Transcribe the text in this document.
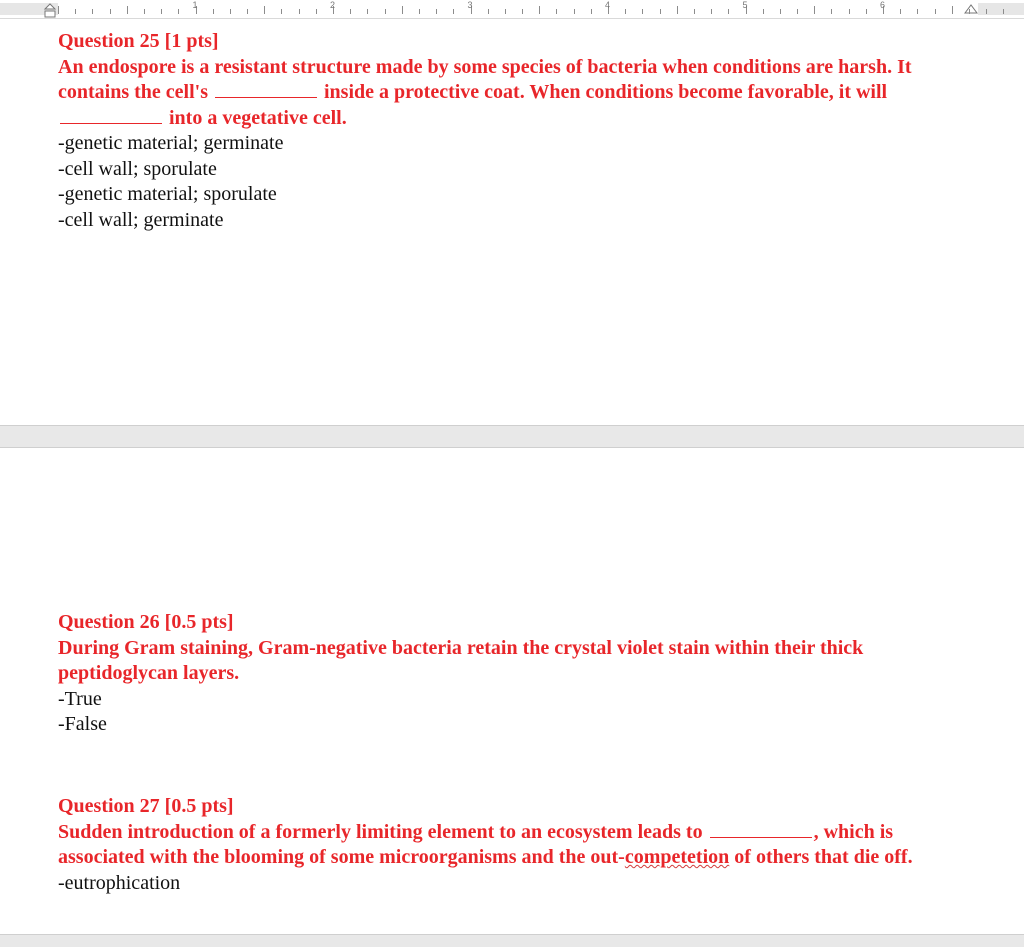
1	2	3	4	5	6
Question 25 [1 pts]
An endospore is a resistant structure made by some species of bacteria when conditions are harsh. It contains the cell's	inside a protective coat. When conditions become favorable, it will  into a vegetative cell.
-genetic material; germinate
-cell wall; sporulate
-genetic material; sporulate
-cell wall; germinate
Question 26 [0.5 pts]
During Gram staining, Gram-negative bacteria retain the crystal violet stain within their thick peptidoglycan layers.
-True
-False
Question 27 [0.5 pts]
Sudden introduction of a formerly limiting element to an ecosystem leads to	, which is associated with the blooming of some microorganisms and the out-competetion of others that die off.
-eutrophication
